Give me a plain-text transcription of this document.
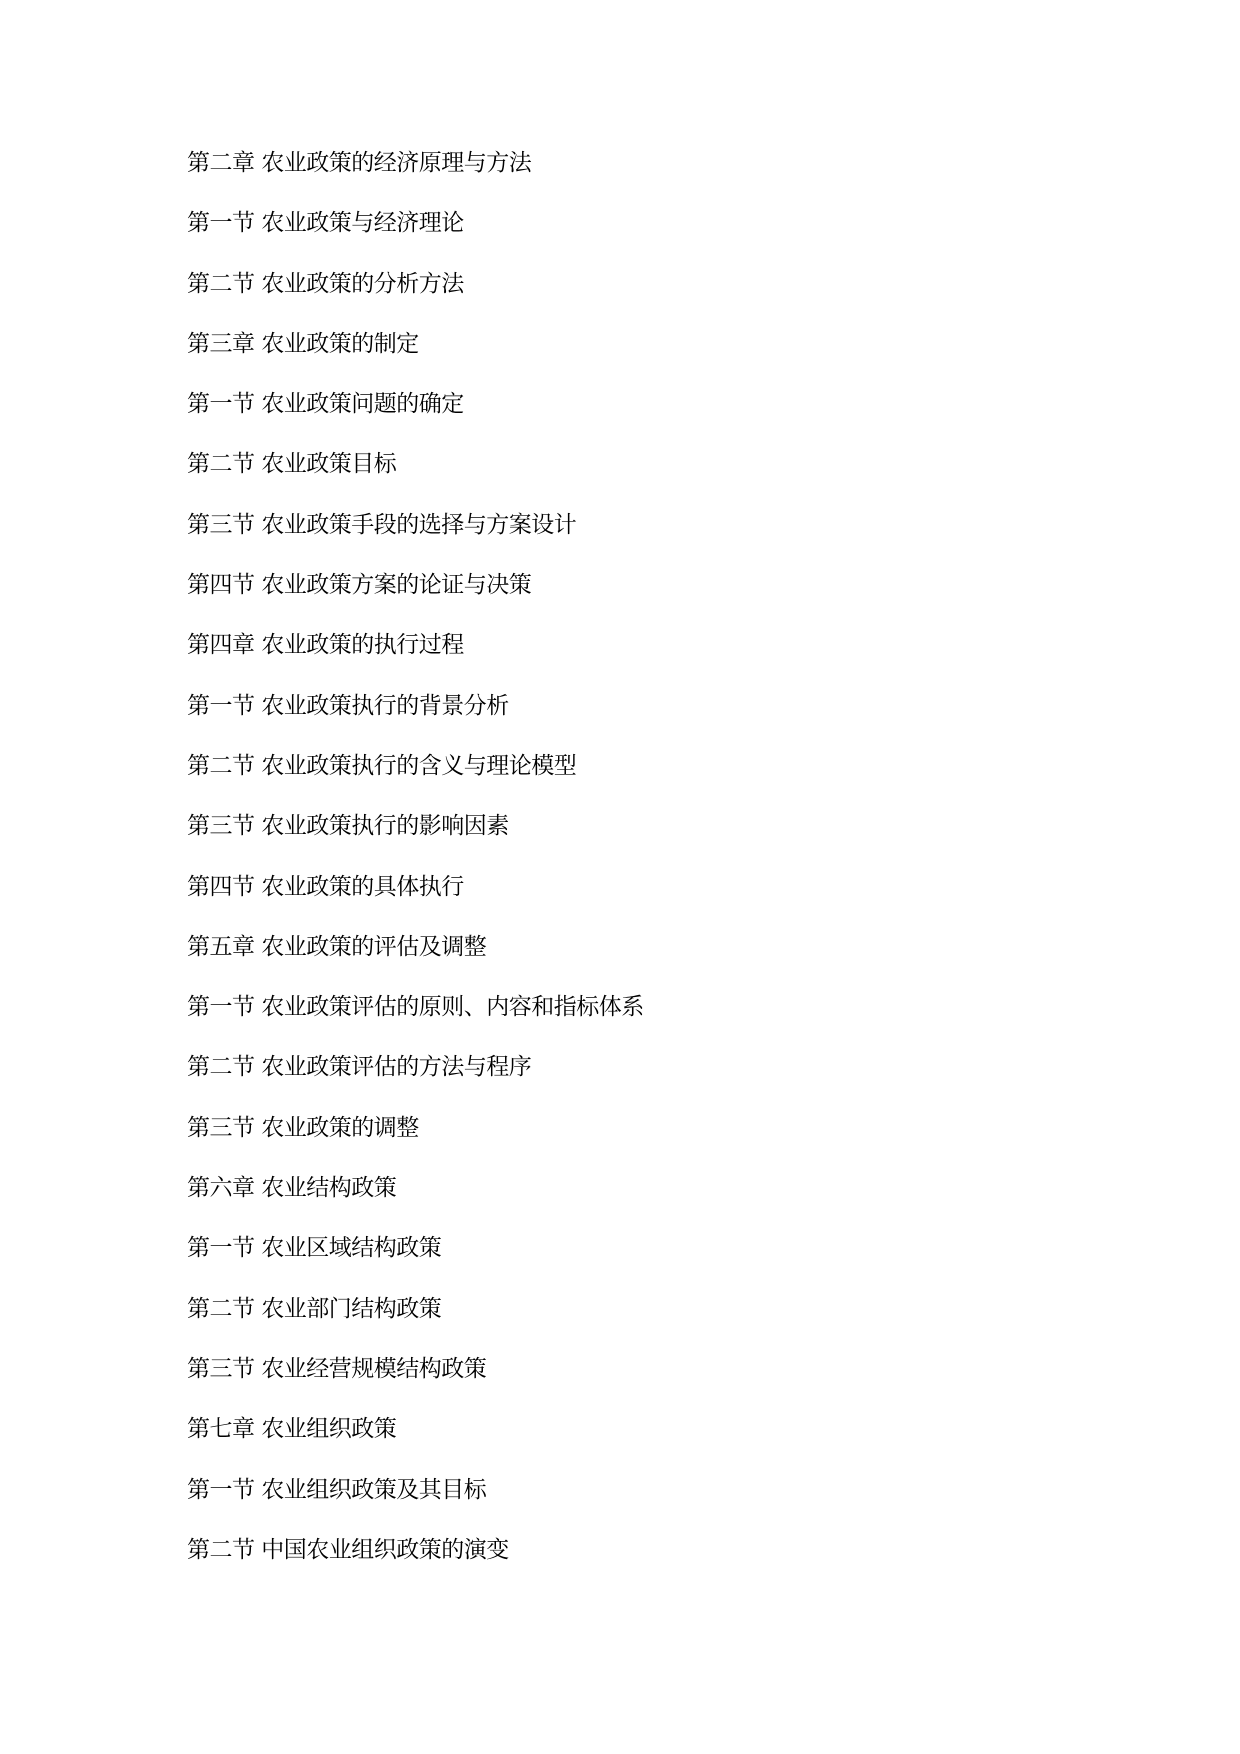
第二章 农业政策的经济原理与方法
第一节 农业政策与经济理论
第二节 农业政策的分析方法
第三章 农业政策的制定
第一节 农业政策问题的确定
第二节 农业政策目标
第三节 农业政策手段的选择与方案设计
第四节 农业政策方案的论证与决策
第四章 农业政策的执行过程
第一节 农业政策执行的背景分析
第二节 农业政策执行的含义与理论模型
第三节 农业政策执行的影响因素
第四节 农业政策的具体执行
第五章 农业政策的评估及调整
第一节 农业政策评估的原则、内容和指标体系
第二节 农业政策评估的方法与程序
第三节 农业政策的调整
第六章 农业结构政策
第一节 农业区域结构政策
第二节 农业部门结构政策
第三节 农业经营规模结构政策
第七章 农业组织政策
第一节 农业组织政策及其目标
第二节 中国农业组织政策的演变
